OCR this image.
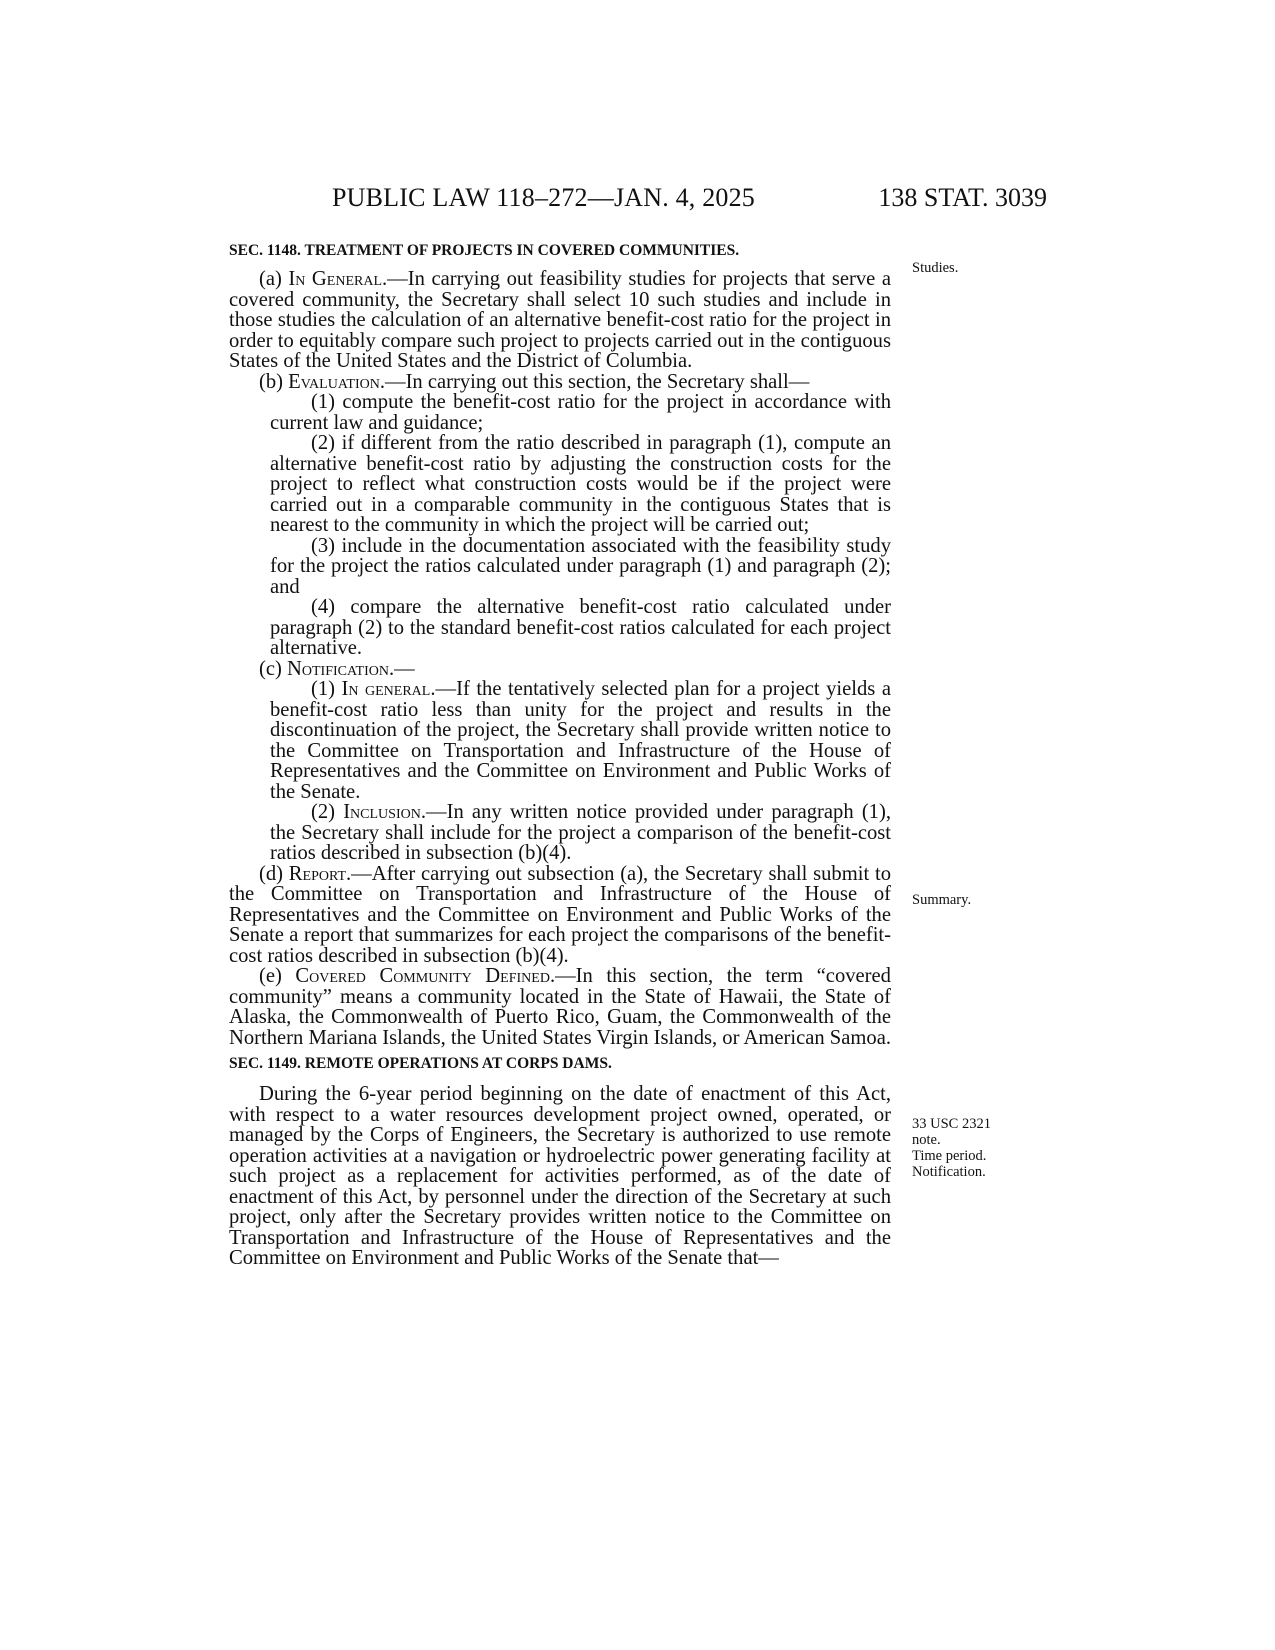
PUBLIC LAW 118–272—JAN. 4, 2025	138 STAT. 3039
SEC. 1148. TREATMENT OF PROJECTS IN COVERED COMMUNITIES.

(a) In General.—In carrying out feasibility studies for projects that serve a covered community, the Secretary shall select 10 such studies and include in those studies the calculation of an alternative benefit-cost ratio for the project in order to equitably compare such project to projects carried out in the contiguous States of the United States and the District of Columbia.

(b) Evaluation.—In carrying out this section, the Secretary shall—

(1) compute the benefit-cost ratio for the project in accordance with current law and guidance;

(2) if different from the ratio described in paragraph (1), compute an alternative benefit-cost ratio by adjusting the construction costs for the project to reflect what construction costs would be if the project were carried out in a comparable community in the contiguous States that is nearest to the community in which the project will be carried out;

(3) include in the documentation associated with the feasibility study for the project the ratios calculated under paragraph (1) and paragraph (2); and

(4) compare the alternative benefit-cost ratio calculated under paragraph (2) to the standard benefit-cost ratios calculated for each project alternative.

(c) Notification.—

(1) In general.—If the tentatively selected plan for a project yields a benefit-cost ratio less than unity for the project and results in the discontinuation of the project, the Secretary shall provide written notice to the Committee on Transportation and Infrastructure of the House of Representatives and the Committee on Environment and Public Works of the Senate.

(2) Inclusion.—In any written notice provided under paragraph (1), the Secretary shall include for the project a comparison of the benefit-cost ratios described in subsection (b)(4).

(d) Report.—After carrying out subsection (a), the Secretary shall submit to the Committee on Transportation and Infrastructure of the House of Representatives and the Committee on Environment and Public Works of the Senate a report that summarizes for each project the comparisons of the benefit-cost ratios described in subsection (b)(4).

(e) Covered Community Defined.—In this section, the term “covered community” means a community located in the State of Hawaii, the State of Alaska, the Commonwealth of Puerto Rico, Guam, the Commonwealth of the Northern Mariana Islands, the United States Virgin Islands, or American Samoa.

SEC. 1149. REMOTE OPERATIONS AT CORPS DAMS.

During the 6-year period beginning on the date of enactment of this Act, with respect to a water resources development project owned, operated, or managed by the Corps of Engineers, the Secretary is authorized to use remote operation activities at a navigation or hydroelectric power generating facility at such project as a replacement for activities performed, as of the date of enactment of this Act, by personnel under the direction of the Secretary at such project, only after the Secretary provides written notice to the Committee on Transportation and Infrastructure of the House of Representatives and the Committee on Environment and Public Works of the Senate that—

Studies.
Summary.
33 USC 2321
note.
Time period.
Notification.
